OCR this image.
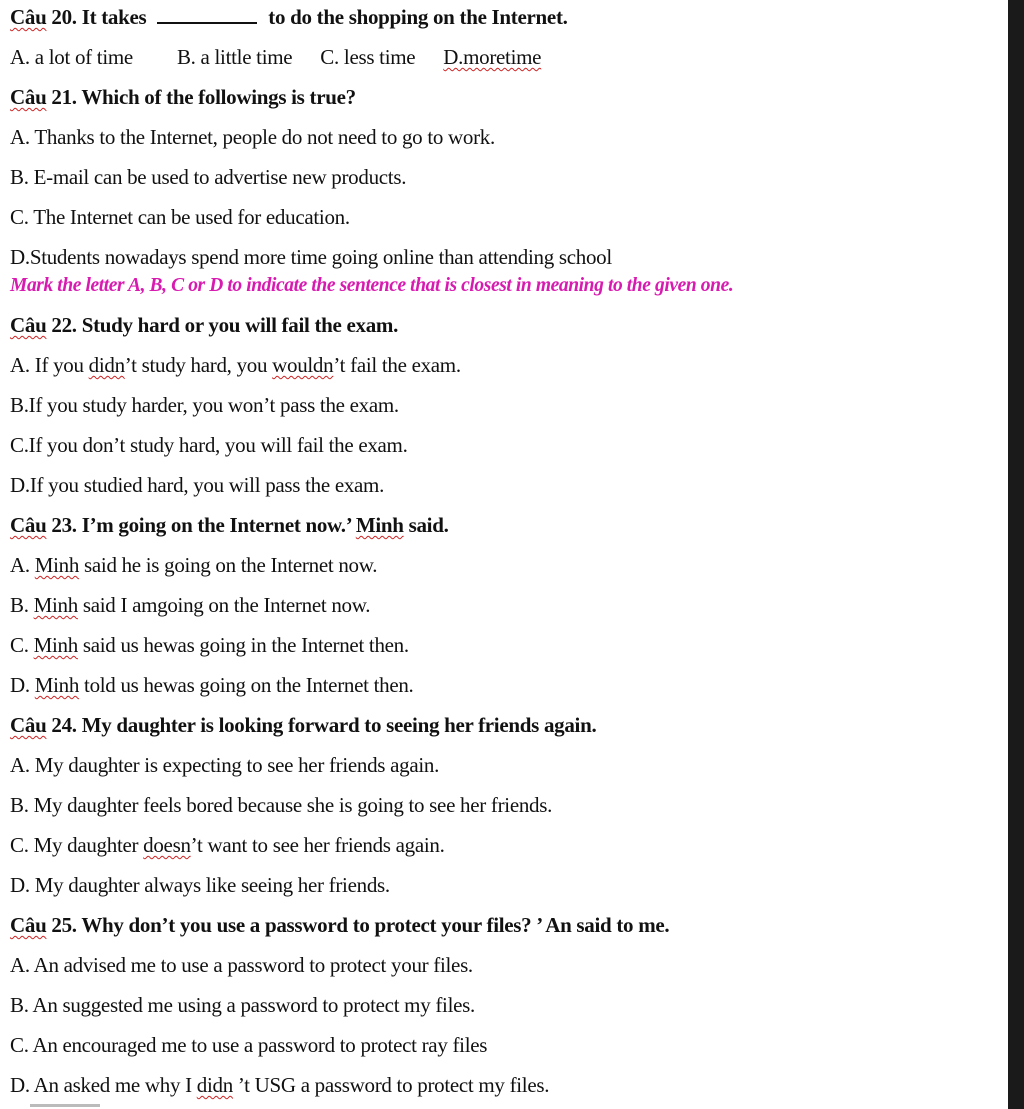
Câu 20. It takes	to do the shopping on the Internet.
A. a lot of time B. a little time C. less time D.moretime
Câu 21. Which of the followings is true?
A. Thanks to the Internet, people do not need to go to work.
B. E-mail can be used to advertise new products.
C. The Internet can be used for education.
D.Students nowadays spend more time going online than attending school
Mark the letter A, B, C or D to indicate the sentence that is closest in meaning to the given one.
Câu 22. Study hard or you will fail the exam.
A. If you didn’t study hard, you wouldn’t fail the exam.
B.If you study harder, you won’t pass the exam.
C.If you don’t study hard, you will fail the exam.
D.If you studied hard, you will pass the exam.
Câu 23. I’m going on the Internet now.’ Minh said.
A. Minh said he is going on the Internet now.
B. Minh said I amgoing on the Internet now.
C. Minh said us hewas going in the Internet then.
D. Minh told us hewas going on the Internet then.
Câu 24. My daughter is looking forward to seeing her friends again.
A. My daughter is expecting to see her friends again.
B. My daughter feels bored because she is going to see her friends.
C. My daughter doesn’t want to see her friends again.
D. My daughter always like seeing her friends.
Câu 25. Why don’t you use a password to protect your files? ’ An said to me.
A. An advised me to use a password to protect your files.
B. An suggested me using a password to protect my files.
C. An encouraged me to use a password to protect ray files
D. An asked me why I didn ’t USG a password to protect my files.
